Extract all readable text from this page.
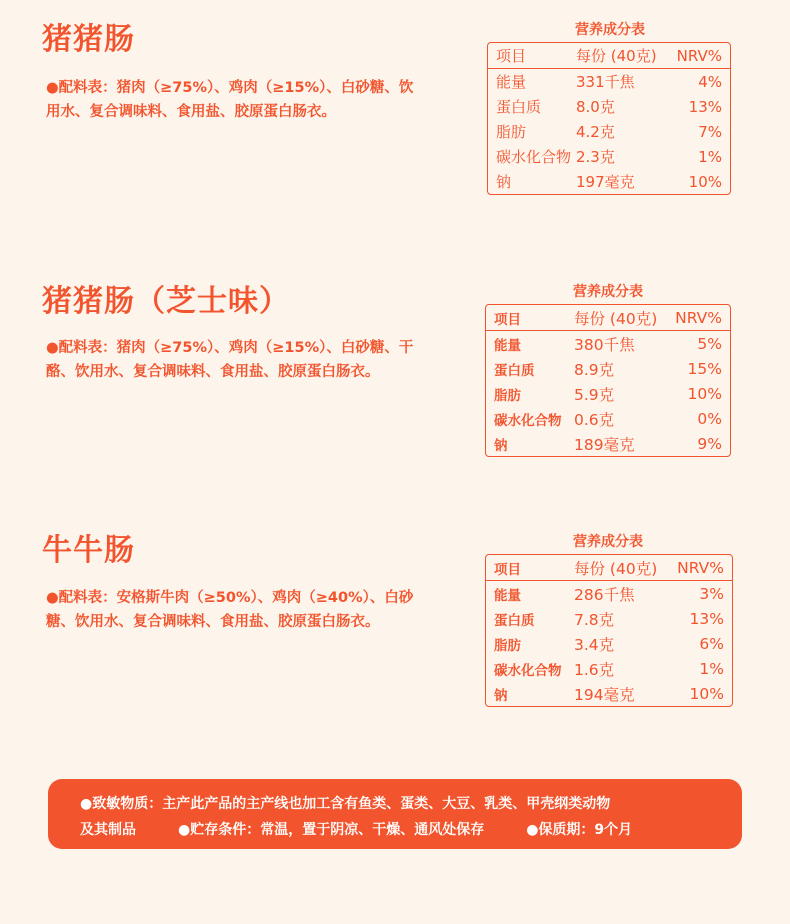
猪猪肠
●配料表：猪肉（≥75%）、鸡肉（≥15%）、白砂糖、饮用水、复合调味料、食用盐、胶原蛋白肠衣。
营养成分表
项目	每份 (40克)	NRV%
能量	331千焦	4%
蛋白质	8.0克	13%
脂肪	4.2克	7%
碳水化合物 2.3克	1%
钠	197毫克	10%
猪猪肠（芝士味）
●配料表：猪肉（≥75%）、鸡肉（≥15%）、白砂糖、干酪、饮用水、复合调味料、食用盐、胶原蛋白肠衣。
营养成分表
项目	每份 (40克)	NRV%
能量	380千焦	5%
蛋白质	8.9克	15%
脂肪	5.9克	10%
碳水化合物 0.6克	0%
钠	189毫克	9%
牛牛肠
●配料表：安格斯牛肉（≥50%）、鸡肉（≥40%）、白砂糖、饮用水、复合调味料、食用盐、胶原蛋白肠衣。
营养成分表
项目	每份 (40克)	NRV%
能量	286千焦	3%
蛋白质	7.8克	13%
脂肪	3.4克	6%
碳水化合物 1.6克	1%
钠	194毫克	10%
●致敏物质：主产此产品的主产线也加工含有鱼类、蛋类、大豆、乳类、甲壳纲类动物
及其制品	●贮存条件：常温，置于阴凉、干燥、通风处保存	●保质期：9个月
